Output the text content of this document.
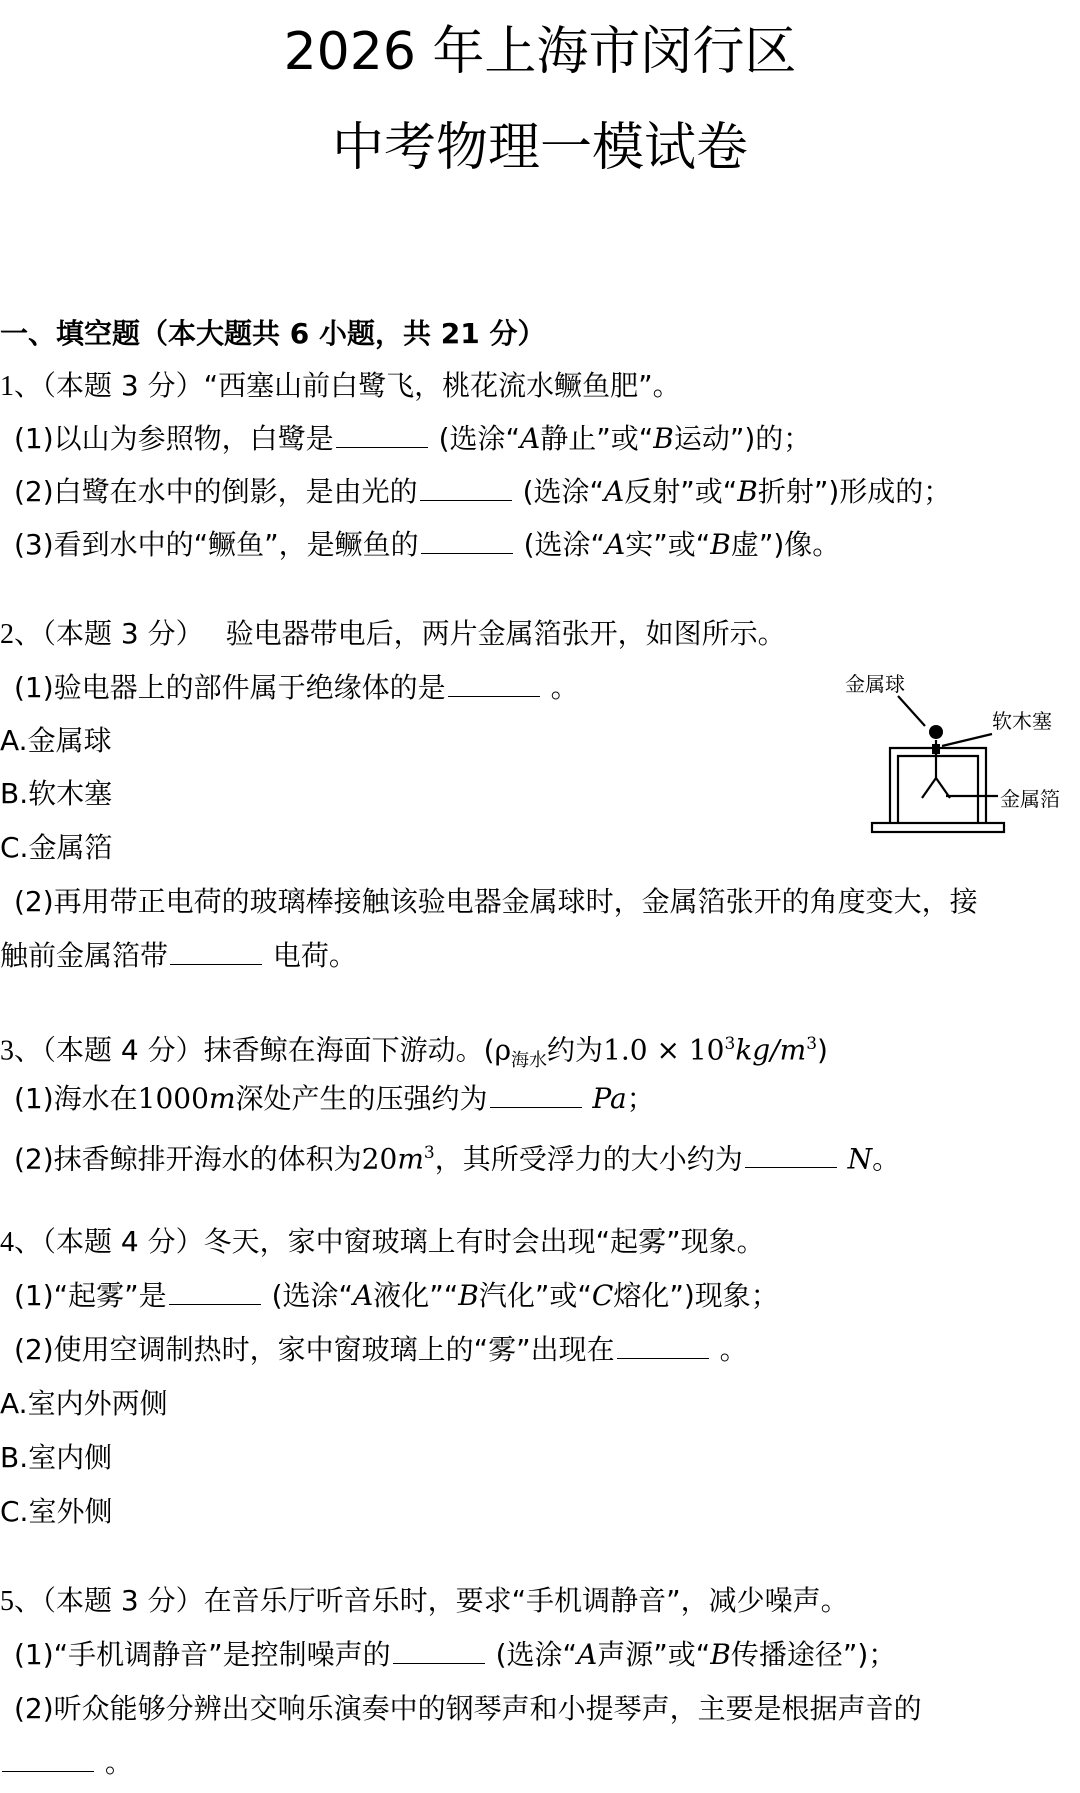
2026 年上海市闵行区
中考物理一模试卷
一、填空题（本大题共 6 小题，共 21 分）
1、（本题 3 分）“西塞山前白鹭飞，桃花流水鳜鱼肥”。
(1)以山为参照物，白鹭是	(选涂“A静止”或“B运动”)的；
(2)白鹭在水中的倒影，是由光的	(选涂“A反射”或“B折射”)形成的；
(3)看到水中的“鳜鱼”，是鳜鱼的	(选涂“A实”或“B虚”)像。
2、（本题 3 分） 验电器带电后，两片金属箔张开，如图所示。
(1)验电器上的部件属于绝缘体的是	。
A.金属球
B.软木塞
C.金属箔
(2)再用带正电荷的玻璃棒接触该验电器金属球时，金属箔张开的角度变大，接
触前金属箔带	电荷。
金属球
软木塞
金属箔
3、（本题 4 分）抹香鲸在海面下游动。($\rho_{海水}$约为$1.0 \times 10^3kg/m^3$)
(1)海水在1000m深处产生的压强约为	Pa；
(2)抹香鲸排开海水的体积为$20m^3$，其所受浮力的大小约为	N。
4、（本题 4 分）冬天，家中窗玻璃上有时会出现“起雾”现象。
(1)“起雾”是	(选涂“A液化”“B汽化”或“C熔化”)现象；
(2)使用空调制热时，家中窗玻璃上的“雾”出现在	。
A.室内外两侧
B.室内侧
C.室外侧
5、（本题 3 分）在音乐厅听音乐时，要求“手机调静音”，减少噪声。
(1)“手机调静音”是控制噪声的	(选涂“A声源”或“B传播途径”)；
(2)听众能够分辨出交响乐演奏中的钢琴声和小提琴声，主要是根据声音的
。
